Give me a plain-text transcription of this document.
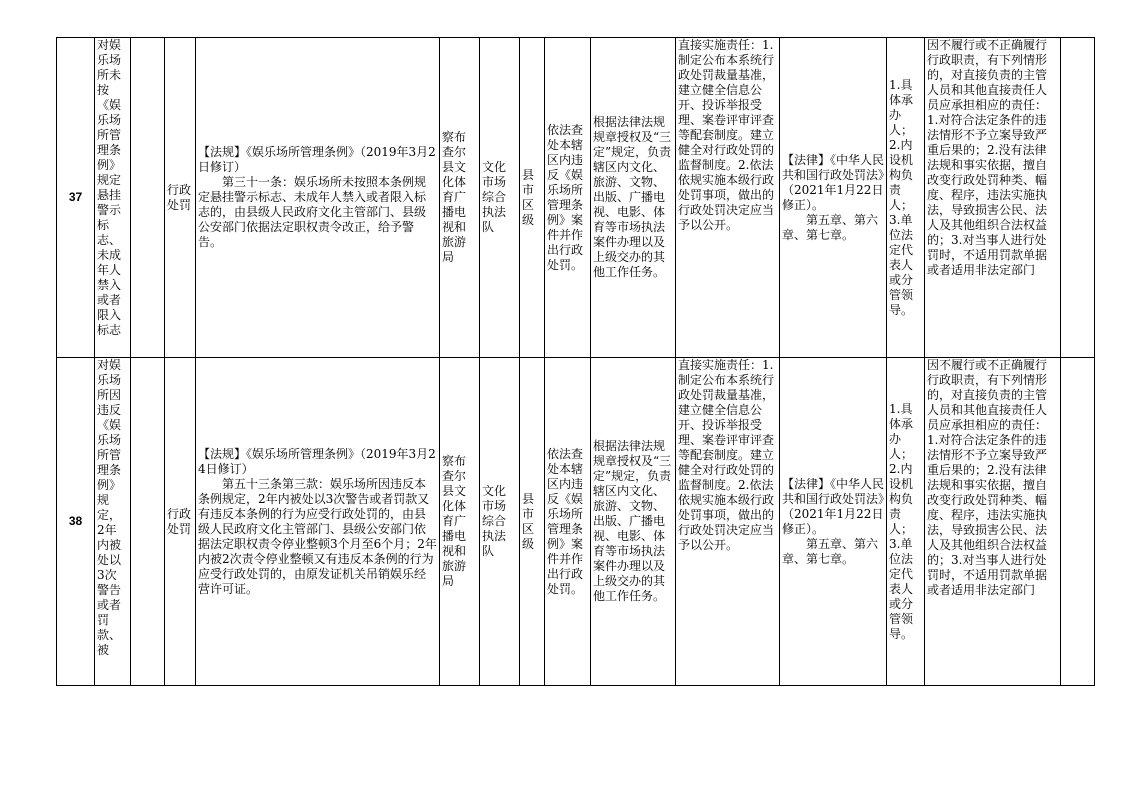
37	对娱乐场所未按《娱乐场所管理条例》规定悬挂警示标志、未成年人禁入或者限入标志		行政处罚	【法规】《娱乐场所管理条例》（2019年3月2日修订）
第三十一条：娱乐场所未按照本条例规定悬挂警示标志、未成年人禁入或者限入标志的，由县级人民政府文化主管部门、县级公安部门依据法定职权责令改正，给予警告。	察布查尔县文化体育广播电视和旅游局	文化市场综合执法队	县市区级	依法查处本辖区内违反《娱乐场所管理条例》案件并作出行政处罚。	根据法律法规规章授权及“三定”规定，负责辖区内文化、旅游、文物、出版、广播电视、电影、体育等市场执法案件办理以及上级交办的其他工作任务。	直接实施责任：1.制定公布本系统行政处罚裁量基准，建立健全信息公开、投诉举报受理、案卷评审评查等配套制度。建立健全对行政处罚的监督制度。2.依法依规实施本级行政处罚事项，做出的行政处罚决定应当予以公开。	【法律】《中华人民共和国行政处罚法》（2021年1月22日修正）。
第五章、第六章、第七章。	1.具体承办人；2.内设机构负责人；3.单位法定代表人或分管领导。	因不履行或不正确履行行政职责，有下列情形的，对直接负责的主管人员和其他直接责任人员应承担相应的责任：1.对符合法定条件的违法情形不予立案导致严重后果的；2.没有法律法规和事实依据，擅自改变行政处罚种类、幅度、程序，违法实施执法，导致损害公民、法人及其他组织合法权益的；3.对当事人进行处罚时，不适用罚款单据或者适用非法定部门	

38	对娱乐场所因违反《娱乐场所管理条例》规定，2年内被处以3次警告或者罚款、被		行政处罚	【法规】《娱乐场所管理条例》（2019年3月24日修订）
第五十三条第三款：娱乐场所因违反本条例规定，2年内被处以3次警告或者罚款又有违反本条例的行为应受行政处罚的，由县级人民政府文化主管部门、县级公安部门依据法定职权责令停业整顿3个月至6个月；2年内被2次责令停业整顿又有违反本条例的行为应受行政处罚的，由原发证机关吊销娱乐经营许可证。	察布查尔县文化体育广播电视和旅游局	文化市场综合执法队	县市区级	依法查处本辖区内违反《娱乐场所管理条例》案件并作出行政处罚。	根据法律法规规章授权及“三定”规定，负责辖区内文化、旅游、文物、出版、广播电视、电影、体育等市场执法案件办理以及上级交办的其他工作任务。	直接实施责任：1.制定公布本系统行政处罚裁量基准，建立健全信息公开、投诉举报受理、案卷评审评查等配套制度。建立健全对行政处罚的监督制度。2.依法依规实施本级行政处罚事项，做出的行政处罚决定应当予以公开。	【法律】《中华人民共和国行政处罚法》（2021年1月22日修正）。
第五章、第六章、第七章。	1.具体承办人；2.内设机构负责人；3.单位法定代表人或分管领导。	因不履行或不正确履行行政职责，有下列情形的，对直接负责的主管人员和其他直接责任人员应承担相应的责任：1.对符合法定条件的违法情形不予立案导致严重后果的；2.没有法律法规和事实依据，擅自改变行政处罚种类、幅度、程序，违法实施执法，导致损害公民、法人及其他组织合法权益的；3.对当事人进行处罚时，不适用罚款单据或者适用非法定部门	
